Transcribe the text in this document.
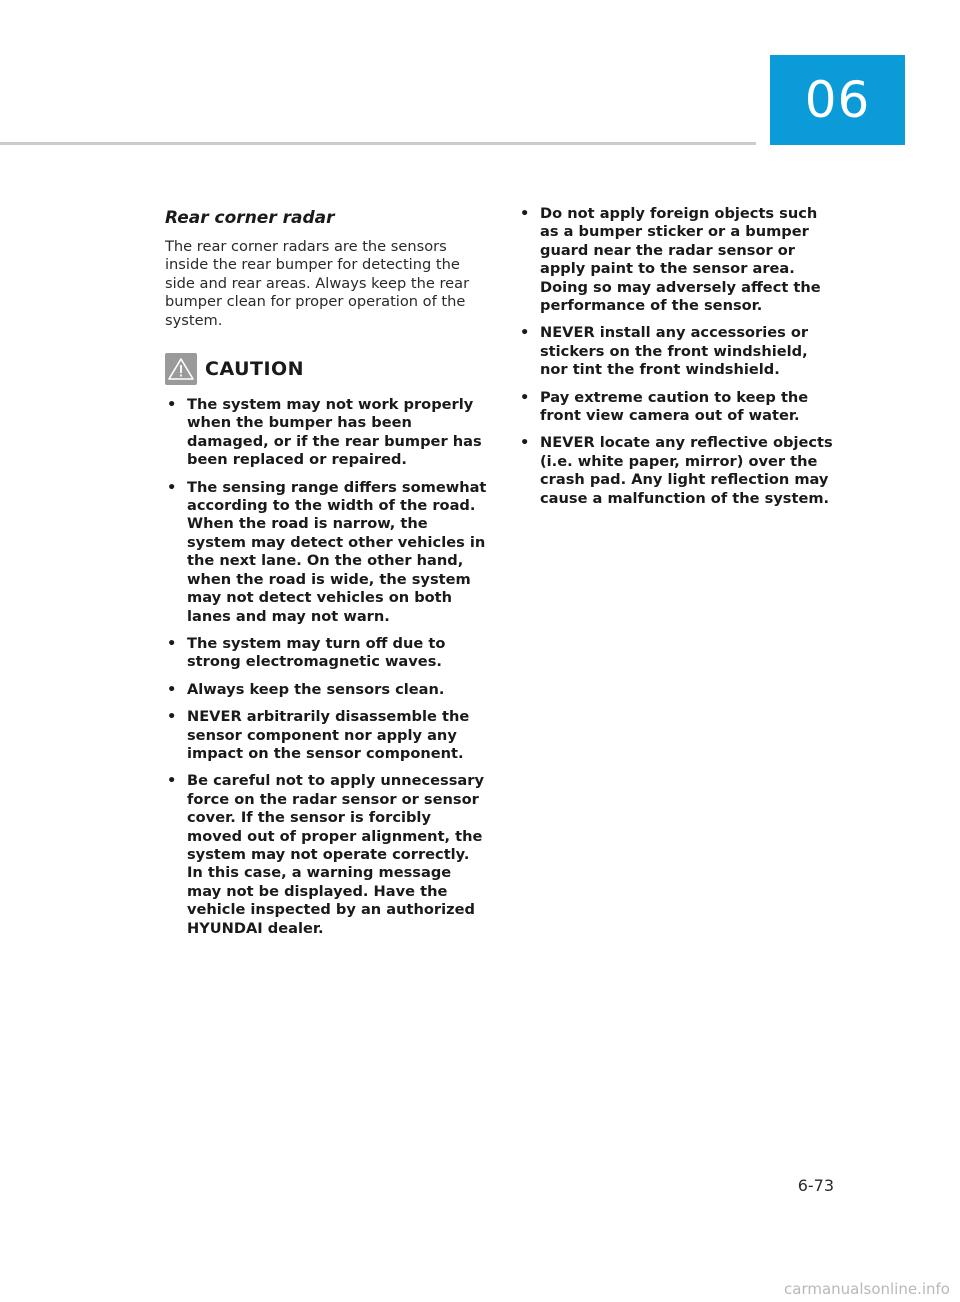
06
Rear corner radar

The rear corner radars are the sensors inside the rear bumper for detecting the side and rear areas. Always keep the rear bumper clean for proper operation of the system.

CAUTION
• The system may not work properly when the bumper has been damaged, or if the rear bumper has been replaced or repaired.
• The sensing range differs somewhat according to the width of the road. When the road is narrow, the system may detect other vehicles in the next lane. On the other hand, when the road is wide, the system may not detect vehicles on both lanes and may not warn.
• The system may turn off due to strong electromagnetic waves.
• Always keep the sensors clean.
• NEVER arbitrarily disassemble the sensor component nor apply any impact on the sensor component.
• Be careful not to apply unnecessary force on the radar sensor or sensor cover. If the sensor is forcibly moved out of proper alignment, the system may not operate correctly. In this case, a warning message may not be displayed. Have the vehicle inspected by an authorized HYUNDAI dealer.
• Do not apply foreign objects such as a bumper sticker or a bumper guard near the radar sensor or apply paint to the sensor area. Doing so may adversely affect the performance of the sensor.
• NEVER install any accessories or stickers on the front windshield, nor tint the front windshield.
• Pay extreme caution to keep the front view camera out of water.
• NEVER locate any reflective objects (i.e. white paper, mirror) over the crash pad. Any light reflection may cause a malfunction of the system.
6-73
carmanualsonline.info
